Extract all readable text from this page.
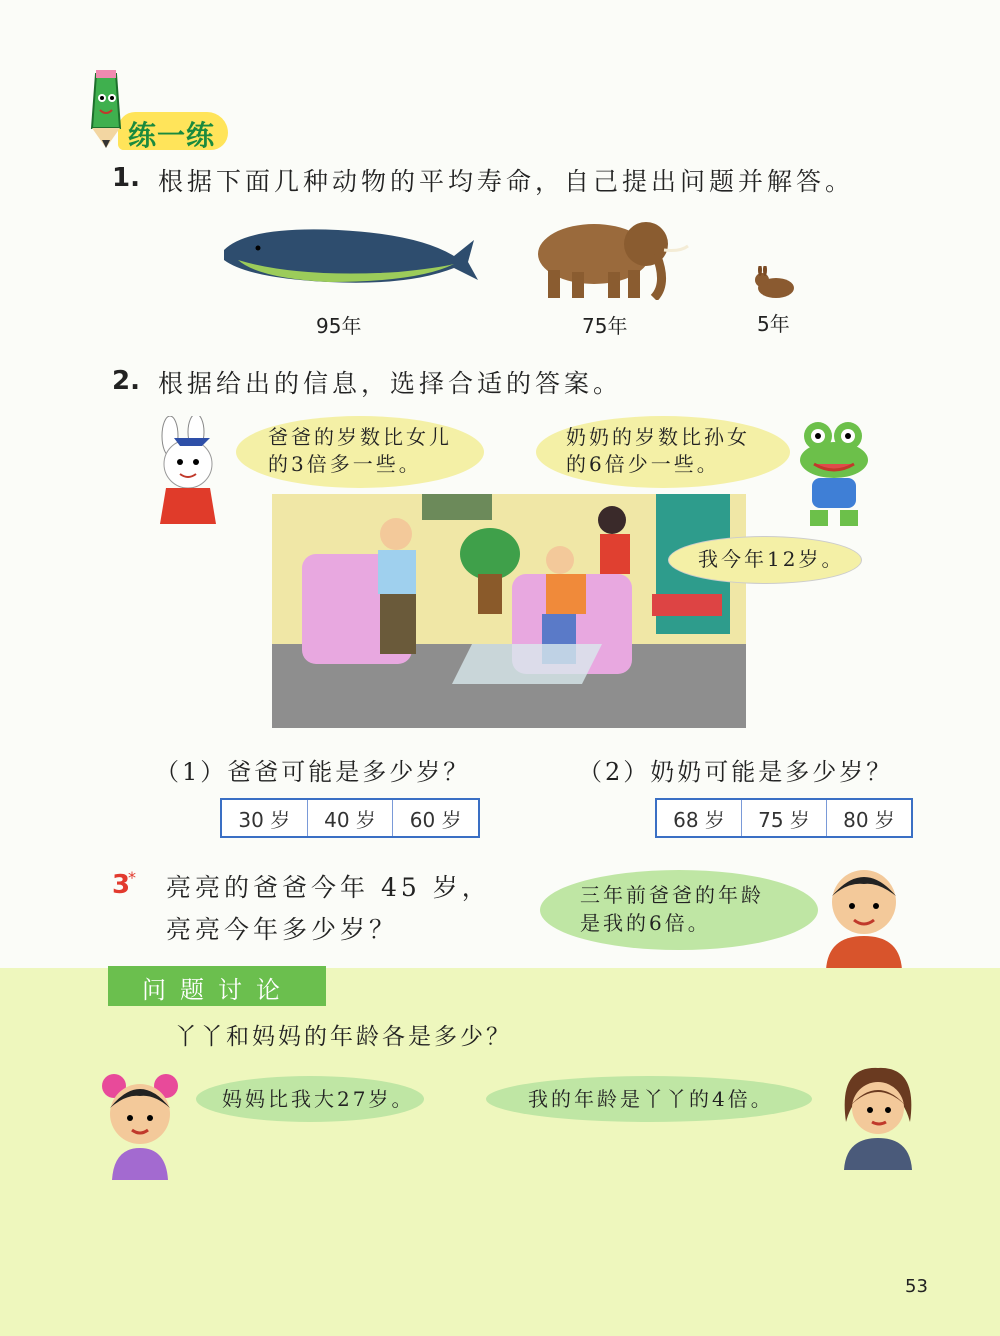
练一练
1. 根据下面几种动物的平均寿命，自己提出问题并解答。
95年	75年	5年
2. 根据给出的信息，选择合适的答案。
爸爸的岁数比女儿
的3倍多一些。
奶奶的岁数比孙女
的6倍少一些。
我今年12岁。
（1）爸爸可能是多少岁？
30 岁	40 岁	60 岁
（2）奶奶可能是多少岁？
68 岁	75 岁	80 岁
3
* 亮亮的爸爸今年 45 岁，
亮亮今年多少岁？
三年前爸爸的年龄
是我的6倍。
问题讨论
丫丫和妈妈的年龄各是多少？
妈妈比我大27岁。	我的年龄是丫丫的4倍。
53
